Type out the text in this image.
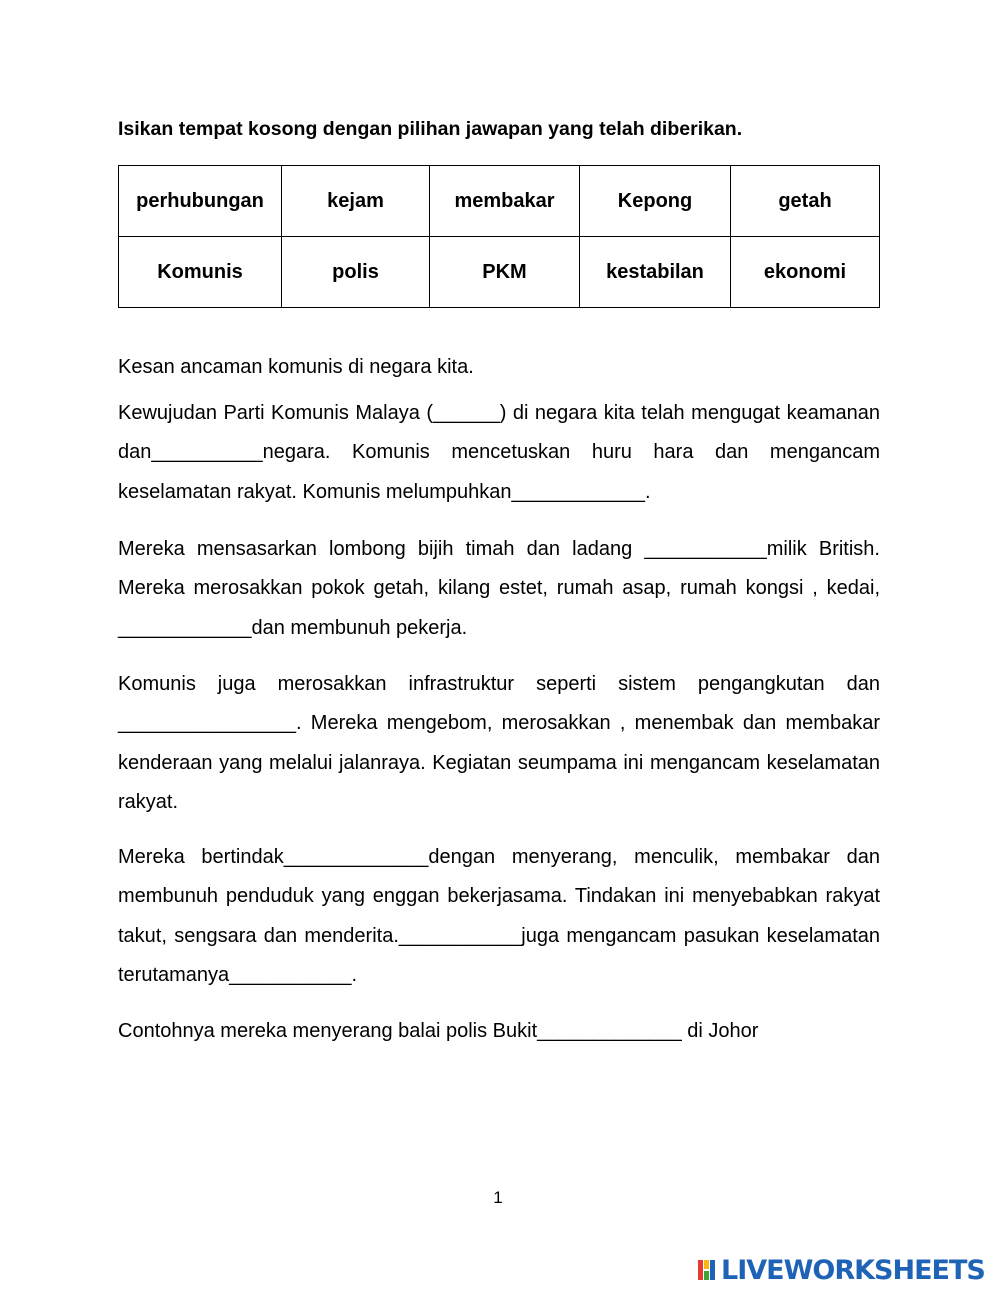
Isikan tempat kosong dengan pilihan jawapan yang telah diberikan.

perhubungan	kejam	membakar	Kepong	getah
Komunis	polis	PKM	kestabilan	ekonomi
Kesan ancaman komunis di negara kita.

Kewujudan Parti Komunis Malaya (______) di negara kita telah mengugat keamanan dan__________negara. Komunis mencetuskan huru hara dan mengancam keselamatan rakyat. Komunis melumpuhkan____________.

Mereka mensasarkan lombong bijih timah dan ladang ___________milik British. Mereka merosakkan pokok getah, kilang estet, rumah asap, rumah kongsi , kedai, ____________dan membunuh pekerja.

Komunis juga merosakkan infrastruktur seperti sistem pengangkutan dan ________________. Mereka mengebom, merosakkan , menembak dan membakar kenderaan yang melalui jalanraya. Kegiatan seumpama ini mengancam keselamatan rakyat.

Mereka bertindak_____________dengan menyerang, menculik, membakar dan membunuh penduduk yang enggan bekerjasama. Tindakan ini menyebabkan rakyat takut, sengsara dan menderita.___________juga mengancam pasukan keselamatan terutamanya___________.

Contohnya mereka menyerang balai polis Bukit_____________ di Johor

1
LIVEWORKSHEETS
